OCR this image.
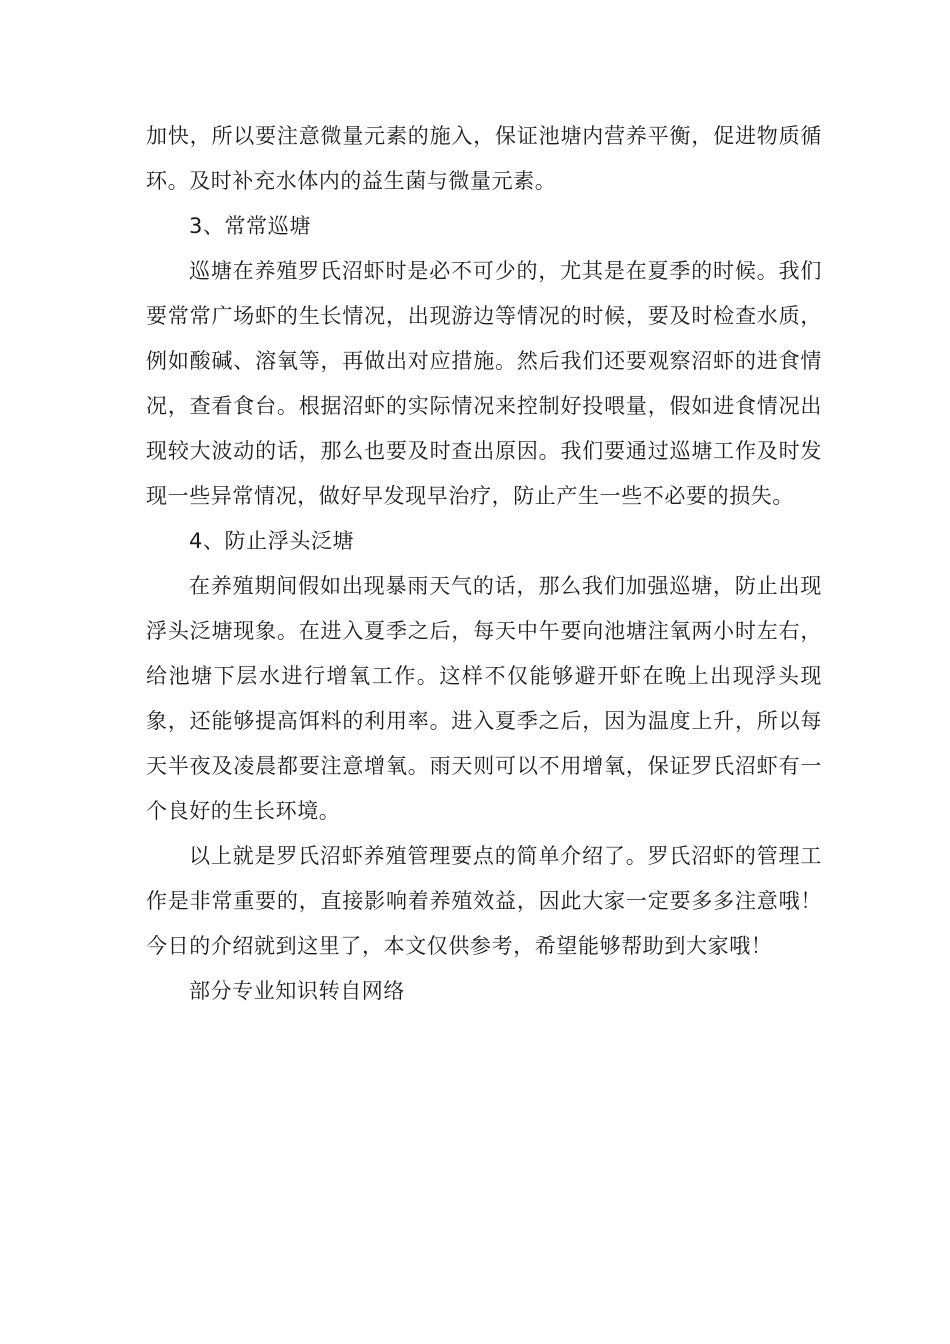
加快，所以要注意微量元素的施入，保证池塘内营养平衡，促进物质循环。及时补充水体内的益生菌与微量元素。

3、常常巡塘

巡塘在养殖罗氏沼虾时是必不可少的，尤其是在夏季的时候。我们要常常广场虾的生长情况，出现游边等情况的时候，要及时检查水质，例如酸碱、溶氧等，再做出对应措施。然后我们还要观察沼虾的进食情况，查看食台。根据沼虾的实际情况来控制好投喂量，假如进食情况出现较大波动的话，那么也要及时查出原因。我们要通过巡塘工作及时发现一些异常情况，做好早发现早治疗，防止产生一些不必要的损失。

4、防止浮头泛塘

在养殖期间假如出现暴雨天气的话，那么我们加强巡塘，防止出现浮头泛塘现象。在进入夏季之后，每天中午要向池塘注氧两小时左右，给池塘下层水进行增氧工作。这样不仅能够避开虾在晚上出现浮头现象，还能够提高饵料的利用率。进入夏季之后，因为温度上升，所以每天半夜及凌晨都要注意增氧。雨天则可以不用增氧，保证罗氏沼虾有一个良好的生长环境。

以上就是罗氏沼虾养殖管理要点的简单介绍了。罗氏沼虾的管理工作是非常重要的，直接影响着养殖效益，因此大家一定要多多注意哦！今日的介绍就到这里了，本文仅供参考，希望能够帮助到大家哦！

部分专业知识转自网络
